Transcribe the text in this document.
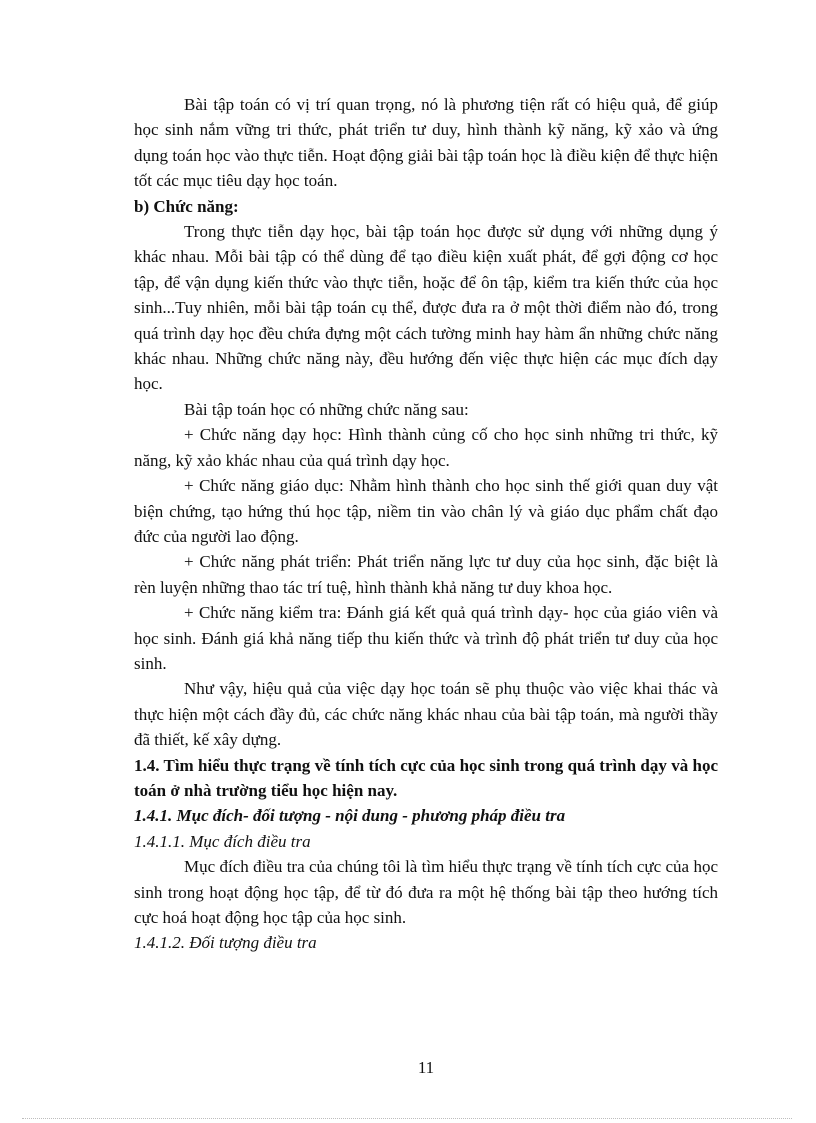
Bài tập toán có vị trí quan trọng, nó là phương tiện rất có hiệu quả, để giúp học sinh nắm vững tri thức, phát triển tư duy, hình thành kỹ năng, kỹ xảo và ứng dụng toán học vào thực tiễn. Hoạt động giải bài tập toán học là điều kiện để thực hiện tốt các mục tiêu dạy học toán.

b) Chức năng:

Trong thực tiễn dạy học, bài tập toán học được sử dụng với những dụng ý khác nhau. Mỗi bài tập có thể dùng để tạo điều kiện xuất phát, để gợi động cơ học tập, để vận dụng kiến thức vào thực tiễn, hoặc để ôn tập, kiểm tra kiến thức của học sinh...Tuy nhiên, mỗi bài tập toán cụ thể, được đưa ra ở một thời điểm nào đó, trong quá trình dạy học đều chứa đựng một cách tường minh hay hàm ẩn những chức năng khác nhau. Những chức năng này, đều hướng đến việc thực hiện các mục đích dạy học.

Bài tập toán học có những chức năng sau:

+ Chức năng dạy học: Hình thành củng cố cho học sinh những tri thức, kỹ năng, kỹ xảo khác nhau của quá trình dạy học.

+ Chức năng giáo dục: Nhằm hình thành cho học sinh thế giới quan duy vật biện chứng, tạo hứng thú học tập, niềm tin vào chân lý và giáo dục phẩm chất đạo đức của người lao động.

+ Chức năng phát triển: Phát triển năng lực tư duy của học sinh, đặc biệt là rèn luyện những thao tác trí tuệ, hình thành khả năng tư duy khoa học.

+ Chức năng kiểm tra: Đánh giá kết quả quá trình dạy- học của giáo viên và học sinh. Đánh giá khả năng tiếp thu kiến thức và trình độ phát triển tư duy của học sinh.

Như vậy, hiệu quả của việc dạy học toán sẽ phụ thuộc vào việc khai thác và thực hiện một cách đầy đủ, các chức năng khác nhau của bài tập toán, mà người thầy đã thiết, kế xây dựng.

1.4. Tìm hiểu thực trạng về tính tích cực của học sinh trong quá trình dạy và học toán ở nhà trường tiểu học hiện nay.

1.4.1. Mục đích- đối tượng - nội dung - phương pháp điều tra

1.4.1.1. Mục đích điều tra

Mục đích điều tra của chúng tôi là tìm hiểu thực trạng về tính tích cực của học sinh trong hoạt động học tập, để từ đó đưa ra một hệ thống bài tập theo hướng tích cực hoá hoạt động học tập của học sinh.

1.4.1.2. Đối tượng điều tra

11
